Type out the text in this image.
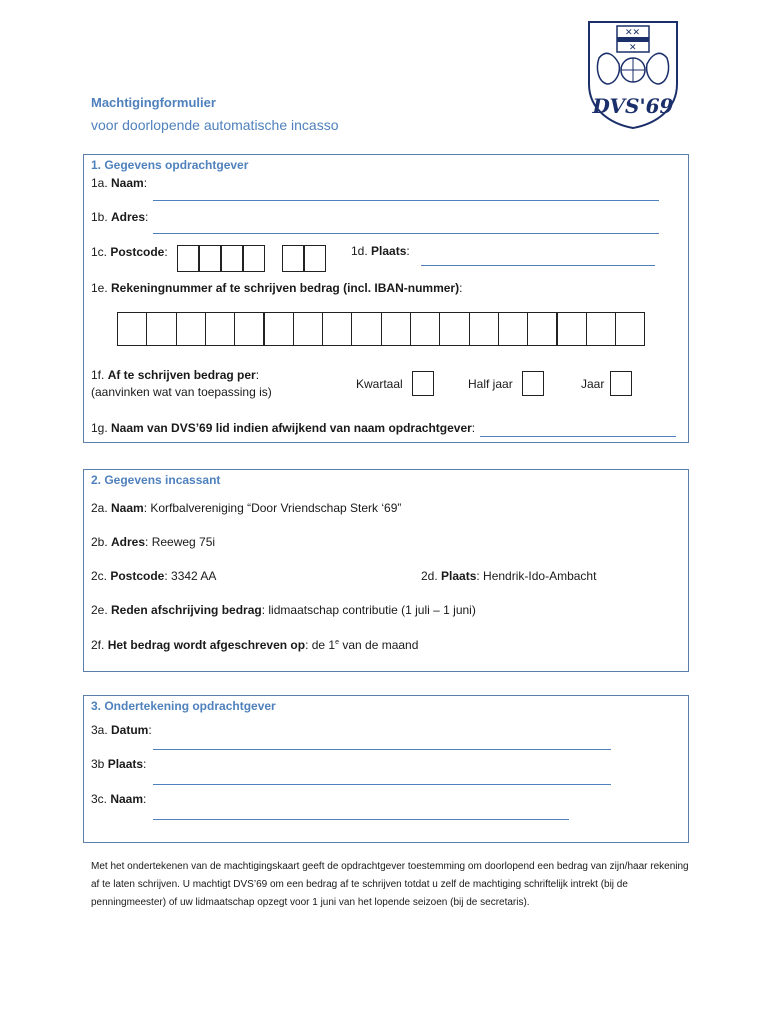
✕✕
✕
DVS'69
Machtigingformulier
voor doorlopende automatische incasso
1. Gegevens opdrachtgever
1a. Naam:
1b. Adres:
1c. Postcode:	1d. Plaats:
1e. Rekeningnummer af te schrijven bedrag (incl. IBAN-nummer):
1f. Af te schrijven bedrag per:
(aanvinken wat van toepassing is)
Kwartaal	Half jaar	Jaar
1g. Naam van DVS’69 lid indien afwijkend van naam opdrachtgever:
2. Gegevens incassant
2a. Naam: Korfbalvereniging “Door Vriendschap Sterk ‘69”
2b. Adres: Reeweg 75i
2c. Postcode: 3342 AA	2d. Plaats: Hendrik-Ido-Ambacht
2e. Reden afschrijving bedrag: lidmaatschap contributie (1 juli – 1 juni)
2f. Het bedrag wordt afgeschreven op: de 1e van de maand
3. Ondertekening opdrachtgever
3a. Datum:
3b Plaats:
3c. Naam:
Met het ondertekenen van de machtigingskaart geeft de opdrachtgever toestemming om doorlopend een bedrag van zijn/haar rekening af te laten schrijven. U machtigt DVS’69 om een bedrag af te schrijven totdat u zelf de machtiging schriftelijk intrekt (bij de penningmeester) of uw lidmaatschap opzegt voor 1 juni van het lopende seizoen (bij de secretaris).
